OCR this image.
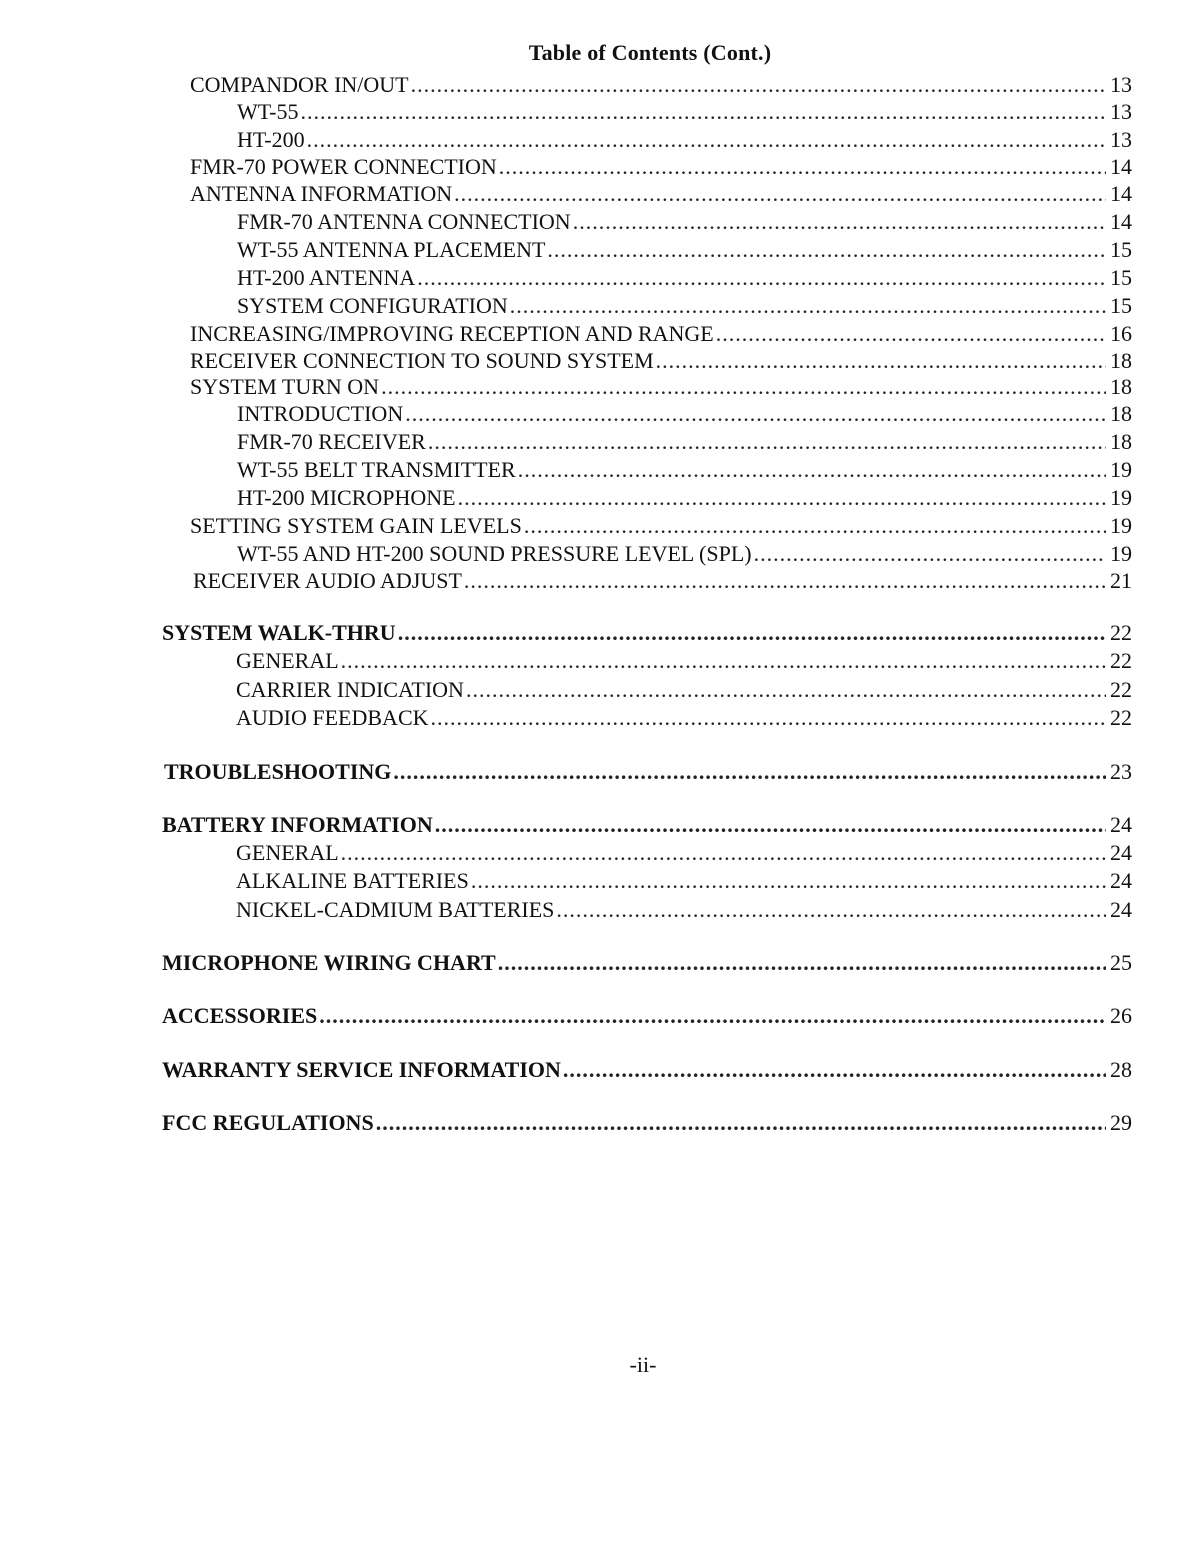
Table of Contents (Cont.)
COMPANDOR IN/OUT .....	13
WT-55 .....	13
HT-200 .....	13
FMR-70 POWER CONNECTION .....	14
ANTENNA INFORMATION .....	14
FMR-70 ANTENNA CONNECTION .....	14
WT-55 ANTENNA PLACEMENT .....	15
HT-200 ANTENNA .....	15
SYSTEM CONFIGURATION .....	15
INCREASING/IMPROVING RECEPTION AND RANGE .....	16
RECEIVER CONNECTION TO SOUND SYSTEM .....	18
SYSTEM TURN ON .....	18
INTRODUCTION .....	18
FMR-70 RECEIVER .....	18
WT-55 BELT TRANSMITTER .....	19
HT-200 MICROPHONE .....	19
SETTING SYSTEM GAIN LEVELS .....	19
WT-55 AND HT-200 SOUND PRESSURE LEVEL (SPL) .....	19
RECEIVER AUDIO ADJUST .....	21
SYSTEM WALK-THRU .....	22
GENERAL .....	22
CARRIER INDICATION .....	22
AUDIO FEEDBACK .....	22
TROUBLESHOOTING .....	23
BATTERY INFORMATION .....	24
GENERAL .....	24
ALKALINE BATTERIES .....	24
NICKEL-CADMIUM BATTERIES .....	24
MICROPHONE WIRING CHART .....	25
ACCESSORIES .....	26
WARRANTY SERVICE INFORMATION .....	28
FCC REGULATIONS .....	29
-ii-
